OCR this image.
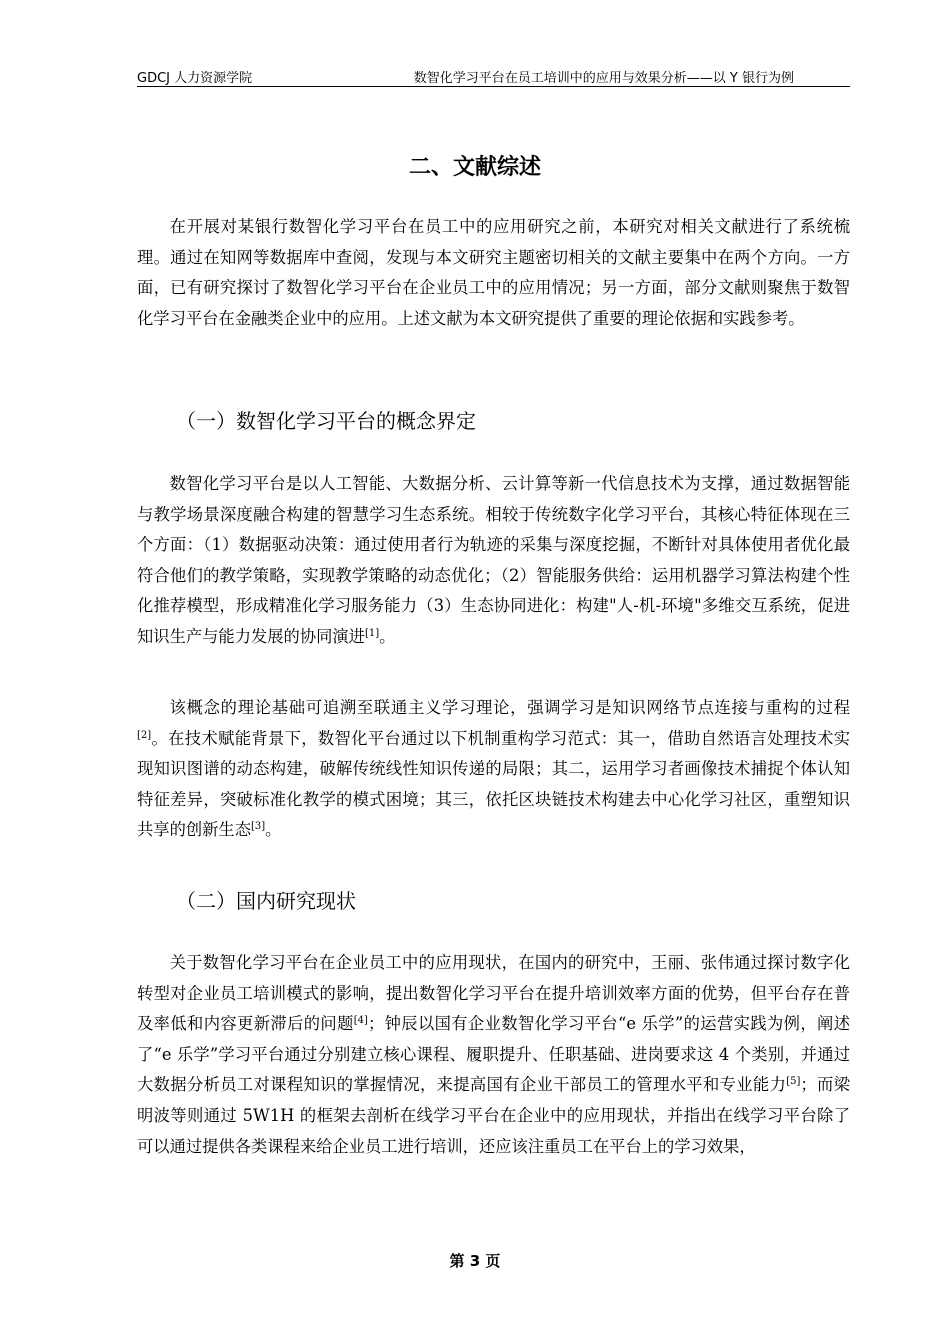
GDCJ 人力资源学院	数智化学习平台在员工培训中的应用与效果分析——以 Y 银行为例
二、文献综述

在开展对某银行数智化学习平台在员工中的应用研究之前，本研究对相关文献进行了系统梳理。通过在知网等数据库中查阅，发现与本文研究主题密切相关的文献主要集中在两个方向。一方面，已有研究探讨了数智化学习平台在企业员工中的应用情况；另一方面，部分文献则聚焦于数智化学习平台在金融类企业中的应用。上述文献为本文研究提供了重要的理论依据和实践参考。

（一）数智化学习平台的概念界定

数智化学习平台是以人工智能、大数据分析、云计算等新一代信息技术为支撑，通过数据智能与教学场景深度融合构建的智慧学习生态系统。相较于传统数字化学习平台，其核心特征体现在三个方面：（1）数据驱动决策：通过使用者行为轨迹的采集与深度挖掘，不断针对具体使用者优化最符合他们的教学策略，实现教学策略的动态优化；（2）智能服务供给：运用机器学习算法构建个性化推荐模型，形成精准化学习服务能力（3）生态协同进化：构建"人-机-环境"多维交互系统，促进知识生产与能力发展的协同演进[1]。

该概念的理论基础可追溯至联通主义学习理论，强调学习是知识网络节点连接与重构的过程[2]。在技术赋能背景下，数智化平台通过以下机制重构学习范式：其一，借助自然语言处理技术实现知识图谱的动态构建，破解传统线性知识传递的局限；其二，运用学习者画像技术捕捉个体认知特征差异，突破标准化教学的模式困境；其三，依托区块链技术构建去中心化学习社区，重塑知识共享的创新生态[3]。

（二）国内研究现状

关于数智化学习平台在企业员工中的应用现状，在国内的研究中，王丽、张伟通过探讨数字化转型对企业员工培训模式的影响，提出数智化学习平台在提升培训效率方面的优势，但平台存在普及率低和内容更新滞后的问题[4]；钟辰以国有企业数智化学习平台“e 乐学”的运营实践为例，阐述了“e 乐学”学习平台通过分别建立核心课程、履职提升、任职基础、进岗要求这 4 个类别，并通过大数据分析员工对课程知识的掌握情况，来提高国有企业干部员工的管理水平和专业能力[5]；而梁明波等则通过 5W1H 的框架去剖析在线学习平台在企业中的应用现状，并指出在线学习平台除了可以通过提供各类课程来给企业员工进行培训，还应该注重员工在平台上的学习效果，

第 3 页
